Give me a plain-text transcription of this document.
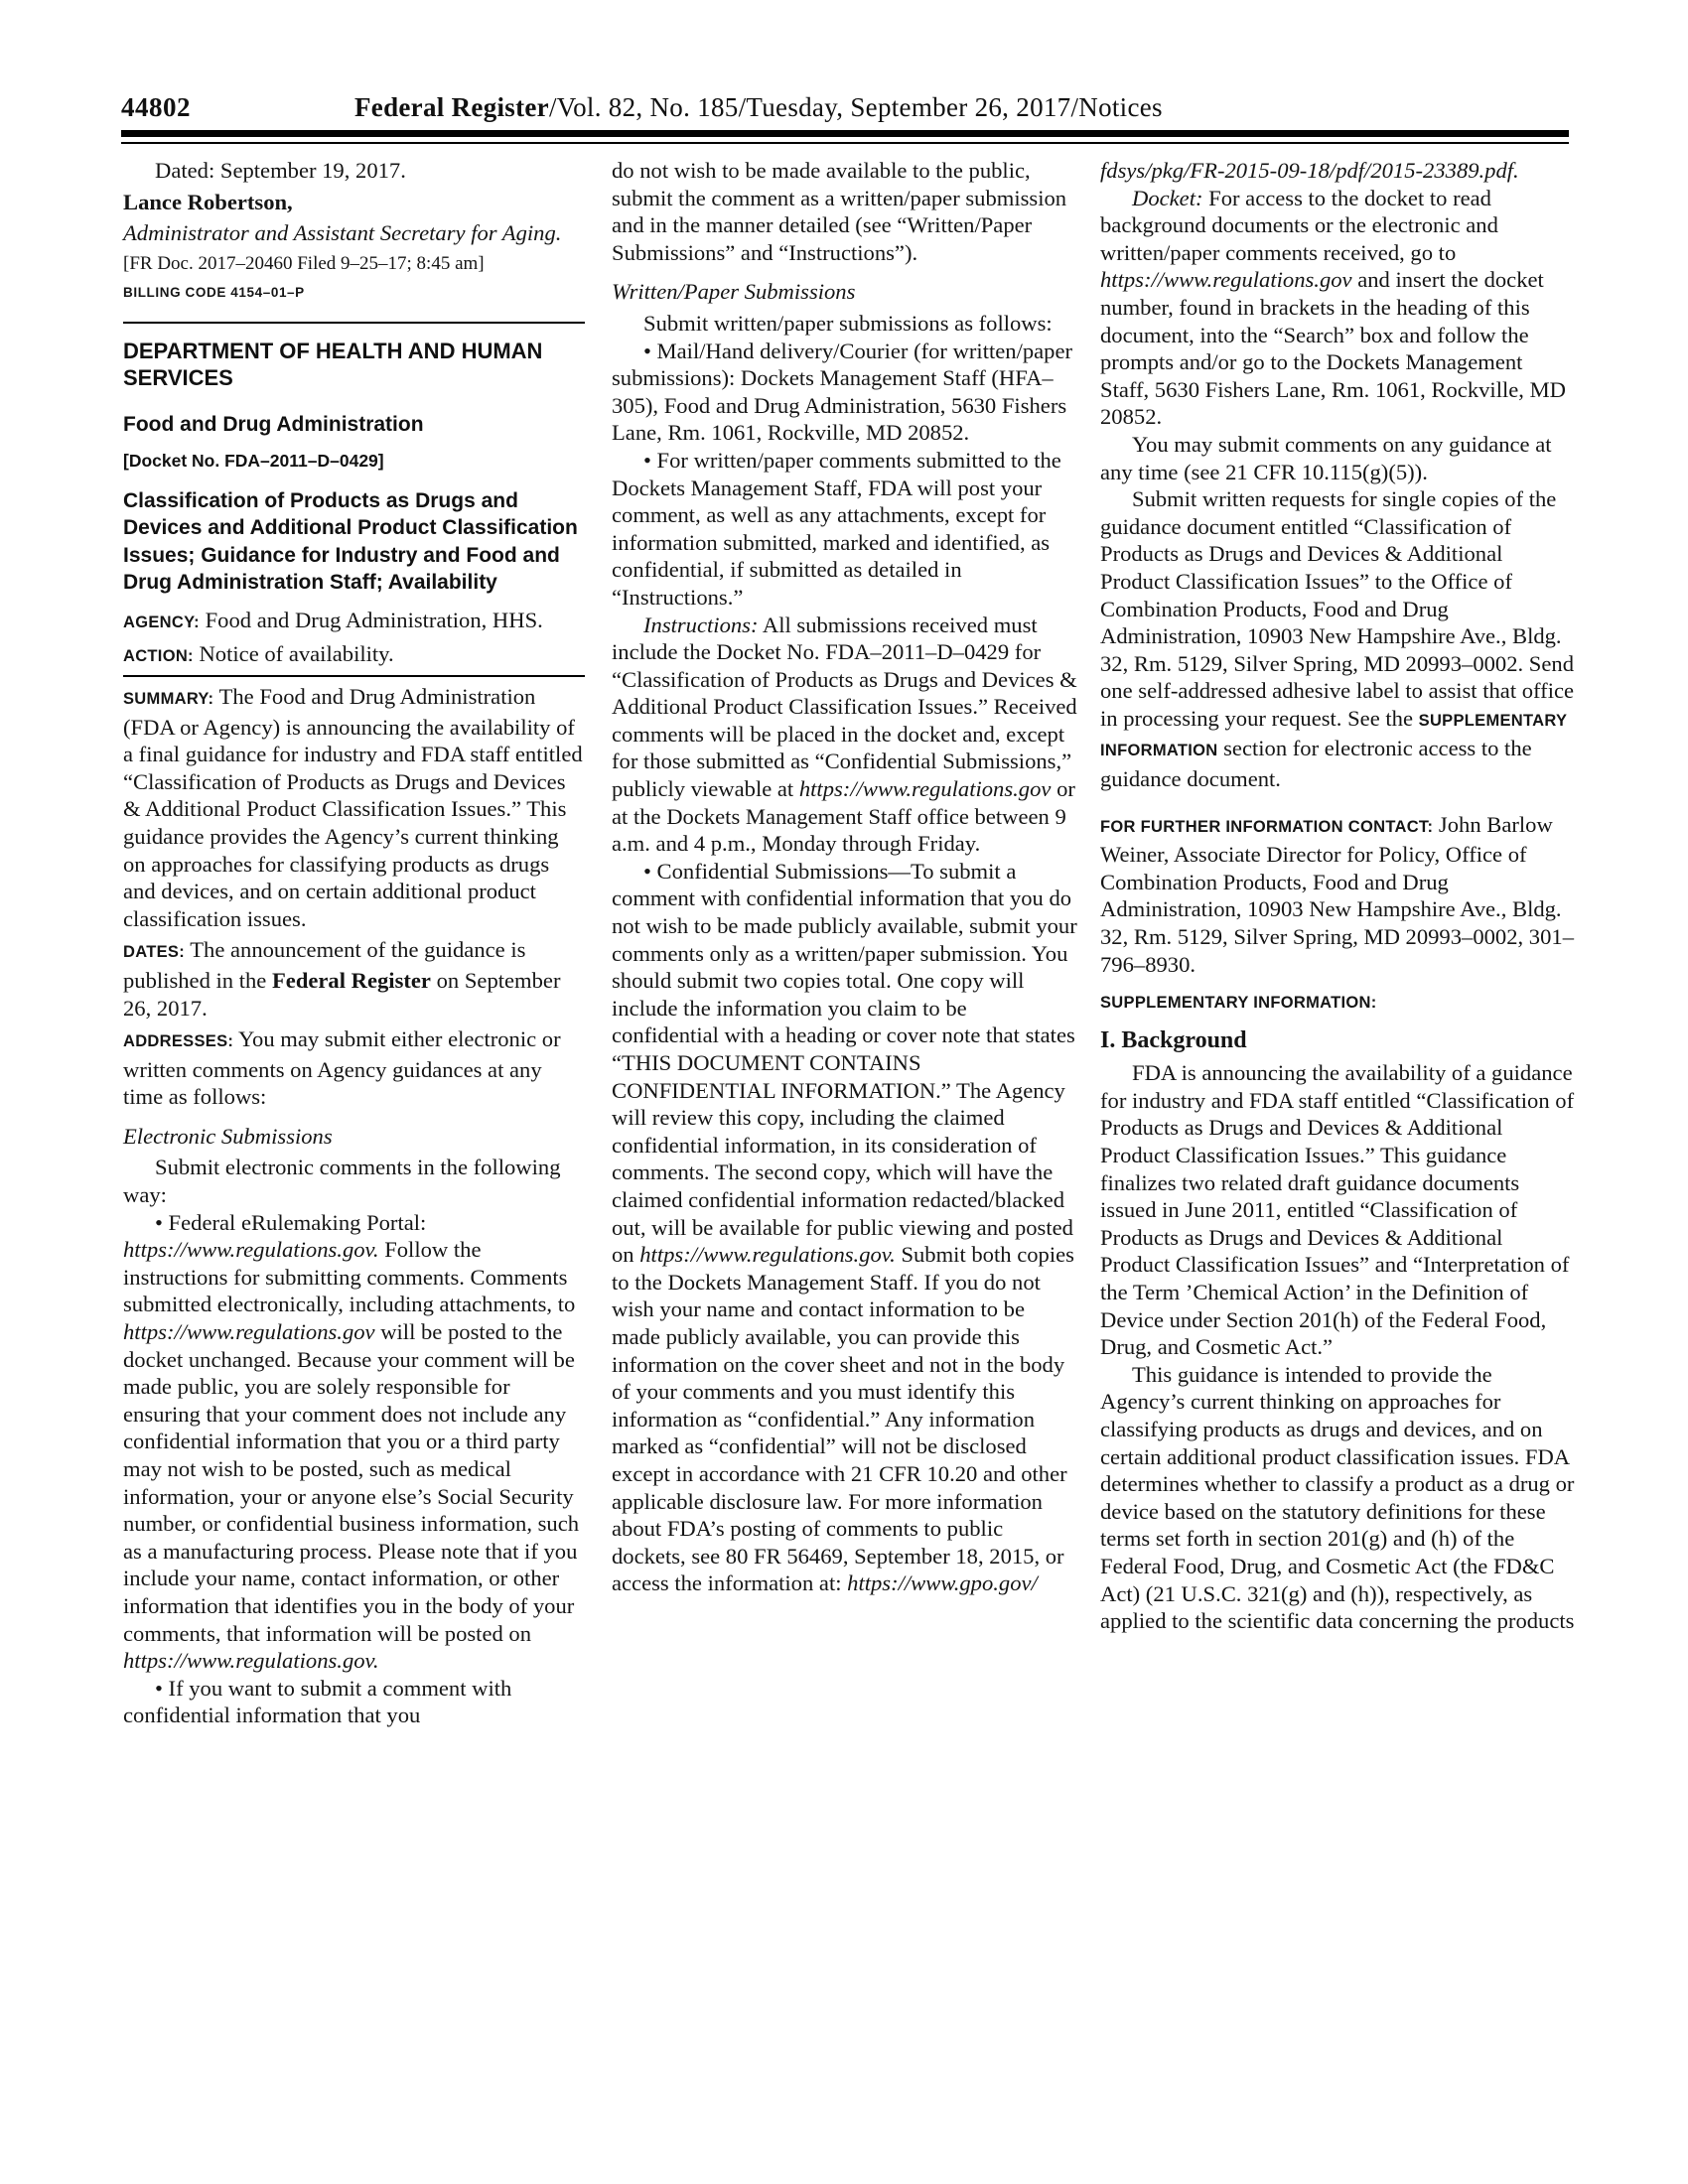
44802	Federal Register/Vol. 82, No. 185/Tuesday, September 26, 2017/Notices

Dated: September 19, 2017.

Lance Robertson,

Administrator and Assistant Secretary for Aging.

[FR Doc. 2017–20460 Filed 9–25–17; 8:45 am]

BILLING CODE 4154–01–P

DEPARTMENT OF HEALTH AND HUMAN SERVICES

Food and Drug Administration

[Docket No. FDA–2011–D–0429]

Classification of Products as Drugs and Devices and Additional Product Classification Issues; Guidance for Industry and Food and Drug Administration Staff; Availability

AGENCY: Food and Drug Administration, HHS.

ACTION: Notice of availability.

SUMMARY: The Food and Drug Administration (FDA or Agency) is announcing the availability of a final guidance for industry and FDA staff entitled “Classification of Products as Drugs and Devices & Additional Product Classification Issues.” This guidance provides the Agency’s current thinking on approaches for classifying products as drugs and devices, and on certain additional product classification issues.

DATES: The announcement of the guidance is published in the Federal Register on September 26, 2017.

ADDRESSES: You may submit either electronic or written comments on Agency guidances at any time as follows:

Electronic Submissions

Submit electronic comments in the following way:

• Federal eRulemaking Portal: https://www.regulations.gov. Follow the instructions for submitting comments. Comments submitted electronically, including attachments, to https://www.regulations.gov will be posted to the docket unchanged. Because your comment will be made public, you are solely responsible for ensuring that your comment does not include any confidential information that you or a third party may not wish to be posted, such as medical information, your or anyone else’s Social Security number, or confidential business information, such as a manufacturing process. Please note that if you include your name, contact information, or other information that identifies you in the body of your comments, that information will be posted on https://www.regulations.gov.

• If you want to submit a comment with confidential information that you

do not wish to be made available to the public, submit the comment as a written/paper submission and in the manner detailed (see “Written/Paper Submissions” and “Instructions”).

Written/Paper Submissions

Submit written/paper submissions as follows:

• Mail/Hand delivery/Courier (for written/paper submissions): Dockets Management Staff (HFA–305), Food and Drug Administration, 5630 Fishers Lane, Rm. 1061, Rockville, MD 20852.

• For written/paper comments submitted to the Dockets Management Staff, FDA will post your comment, as well as any attachments, except for information submitted, marked and identified, as confidential, if submitted as detailed in “Instructions.”

Instructions: All submissions received must include the Docket No. FDA–2011–D–0429 for “Classification of Products as Drugs and Devices & Additional Product Classification Issues.” Received comments will be placed in the docket and, except for those submitted as “Confidential Submissions,” publicly viewable at https://www.regulations.gov or at the Dockets Management Staff office between 9 a.m. and 4 p.m., Monday through Friday.

• Confidential Submissions—To submit a comment with confidential information that you do not wish to be made publicly available, submit your comments only as a written/paper submission. You should submit two copies total. One copy will include the information you claim to be confidential with a heading or cover note that states “THIS DOCUMENT CONTAINS CONFIDENTIAL INFORMATION.” The Agency will review this copy, including the claimed confidential information, in its consideration of comments. The second copy, which will have the claimed confidential information redacted/blacked out, will be available for public viewing and posted on https://www.regulations.gov. Submit both copies to the Dockets Management Staff. If you do not wish your name and contact information to be made publicly available, you can provide this information on the cover sheet and not in the body of your comments and you must identify this information as “confidential.” Any information marked as “confidential” will not be disclosed except in accordance with 21 CFR 10.20 and other applicable disclosure law. For more information about FDA’s posting of comments to public dockets, see 80 FR 56469, September 18, 2015, or access the information at: https://www.gpo.gov/

fdsys/pkg/FR-2015-09-18/pdf/2015-23389.pdf.

Docket: For access to the docket to read background documents or the electronic and written/paper comments received, go to https://www.regulations.gov and insert the docket number, found in brackets in the heading of this document, into the “Search” box and follow the prompts and/or go to the Dockets Management Staff, 5630 Fishers Lane, Rm. 1061, Rockville, MD 20852.

You may submit comments on any guidance at any time (see 21 CFR 10.115(g)(5)).

Submit written requests for single copies of the guidance document entitled “Classification of Products as Drugs and Devices & Additional Product Classification Issues” to the Office of Combination Products, Food and Drug Administration, 10903 New Hampshire Ave., Bldg. 32, Rm. 5129, Silver Spring, MD 20993–0002. Send one self-addressed adhesive label to assist that office in processing your request. See the SUPPLEMENTARY INFORMATION section for electronic access to the guidance document.

FOR FURTHER INFORMATION CONTACT: John Barlow Weiner, Associate Director for Policy, Office of Combination Products, Food and Drug Administration, 10903 New Hampshire Ave., Bldg. 32, Rm. 5129, Silver Spring, MD 20993–0002, 301–796–8930.

SUPPLEMENTARY INFORMATION:

I. Background

FDA is announcing the availability of a guidance for industry and FDA staff entitled “Classification of Products as Drugs and Devices & Additional Product Classification Issues.” This guidance finalizes two related draft guidance documents issued in June 2011, entitled “Classification of Products as Drugs and Devices & Additional Product Classification Issues” and “Interpretation of the Term ’Chemical Action’ in the Definition of Device under Section 201(h) of the Federal Food, Drug, and Cosmetic Act.”

This guidance is intended to provide the Agency’s current thinking on approaches for classifying products as drugs and devices, and on certain additional product classification issues. FDA determines whether to classify a product as a drug or device based on the statutory definitions for these terms set forth in section 201(g) and (h) of the Federal Food, Drug, and Cosmetic Act (the FD&C Act) (21 U.S.C. 321(g) and (h)), respectively, as applied to the scientific data concerning the products
